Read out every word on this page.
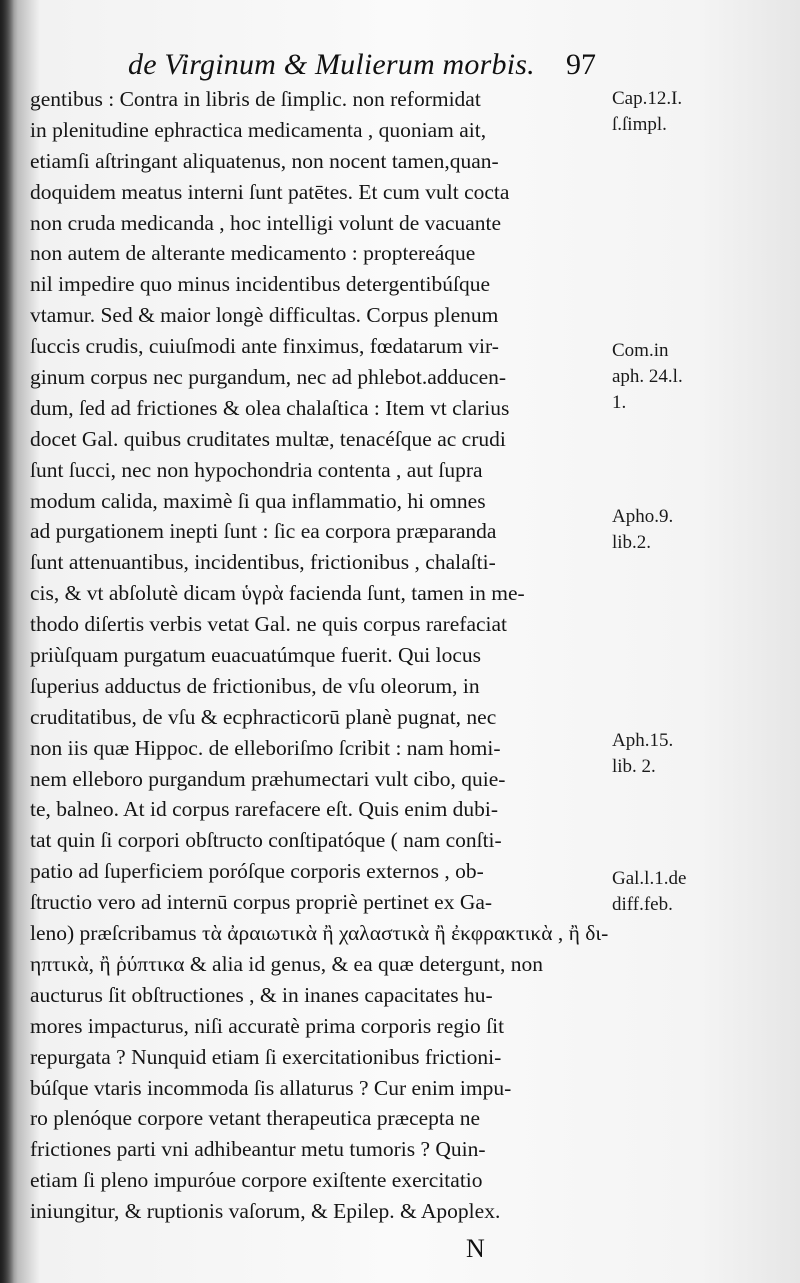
de Virginum & Mulierum morbis. 97
gentibus : Contra in libris de ſimplic. non reformidat
in plenitudine ephractica medicamenta , quoniam ait,
etiamſi aſtringant aliquatenus, non nocent tamen,quan-
doquidem meatus interni ſunt patētes. Et cum vult cocta
non cruda medicanda , hoc intelligi volunt de vacuante
non autem de alterante medicamento : proptereáque
nil impedire quo minus incidentibus detergentibúſque
vtamur. Sed & maior longè difficultas. Corpus plenum
ſuccis crudis, cuiuſmodi ante finximus, fœdatarum vir-
ginum corpus nec purgandum, nec ad phlebot.adducen-
dum, ſed ad frictiones & olea chalaſtica : Item vt clarius
docet Gal. quibus cruditates multæ, tenacéſque ac crudi
ſunt ſucci, nec non hypochondria contenta , aut ſupra
modum calida, maximè ſi qua inflammatio, hi omnes
ad purgationem inepti ſunt : ſic ea corpora præparanda
ſunt attenuantibus, incidentibus, frictionibus , chalaſti-
cis, & vt abſolutè dicam ὑγρὰ facienda ſunt, tamen in me-
thodo diſertis verbis vetat Gal. ne quis corpus rarefaciat
priùſquam purgatum euacuatúmque fuerit. Qui locus
ſuperius adductus de frictionibus, de vſu oleorum, in
cruditatibus, de vſu & ecphracticorū planè pugnat, nec
non iis quæ Hippoc. de elleboriſmo ſcribit : nam homi-
nem elleboro purgandum præhumectari vult cibo, quie-
te, balneo. At id corpus rarefacere eſt. Quis enim dubi-
tat quin ſi corpori obſtructo conſtipatóque ( nam conſti-
patio ad ſuperficiem poróſque corporis externos , ob-
ſtructio vero ad internū corpus propriè pertinet ex Ga-
leno) præſcribamus τὰ ἀραιωτικὰ ἢ χαλαστικὰ ἢ ἐκφρακτικὰ , ἢ δι-
ηπτικὰ, ἢ ῥύπτικα & alia id genus, & ea quæ detergunt, non
aucturus ſit obſtructiones , & in inanes capacitates hu-
mores impacturus, niſi accuratè prima corporis regio ſit
repurgata ? Nunquid etiam ſi exercitationibus frictioni-
búſque vtaris incommoda ſis allaturus ? Cur enim impu-
ro plenóque corpore vetant therapeutica præcepta ne
frictiones parti vni adhibeantur metu tumoris ? Quin-
etiam ſi pleno impuróue corpore exiſtente exercitatio
iniungitur, & ruptionis vaſorum, & Epilep. & Apoplex.
Cap.12.I.
ſ.ſimpl.
Com.in
aph. 24.l.
1.
Apho.9.
lib.2.
Aph.15.
lib. 2.
Gal.l.1.de
diff.feb.
N
